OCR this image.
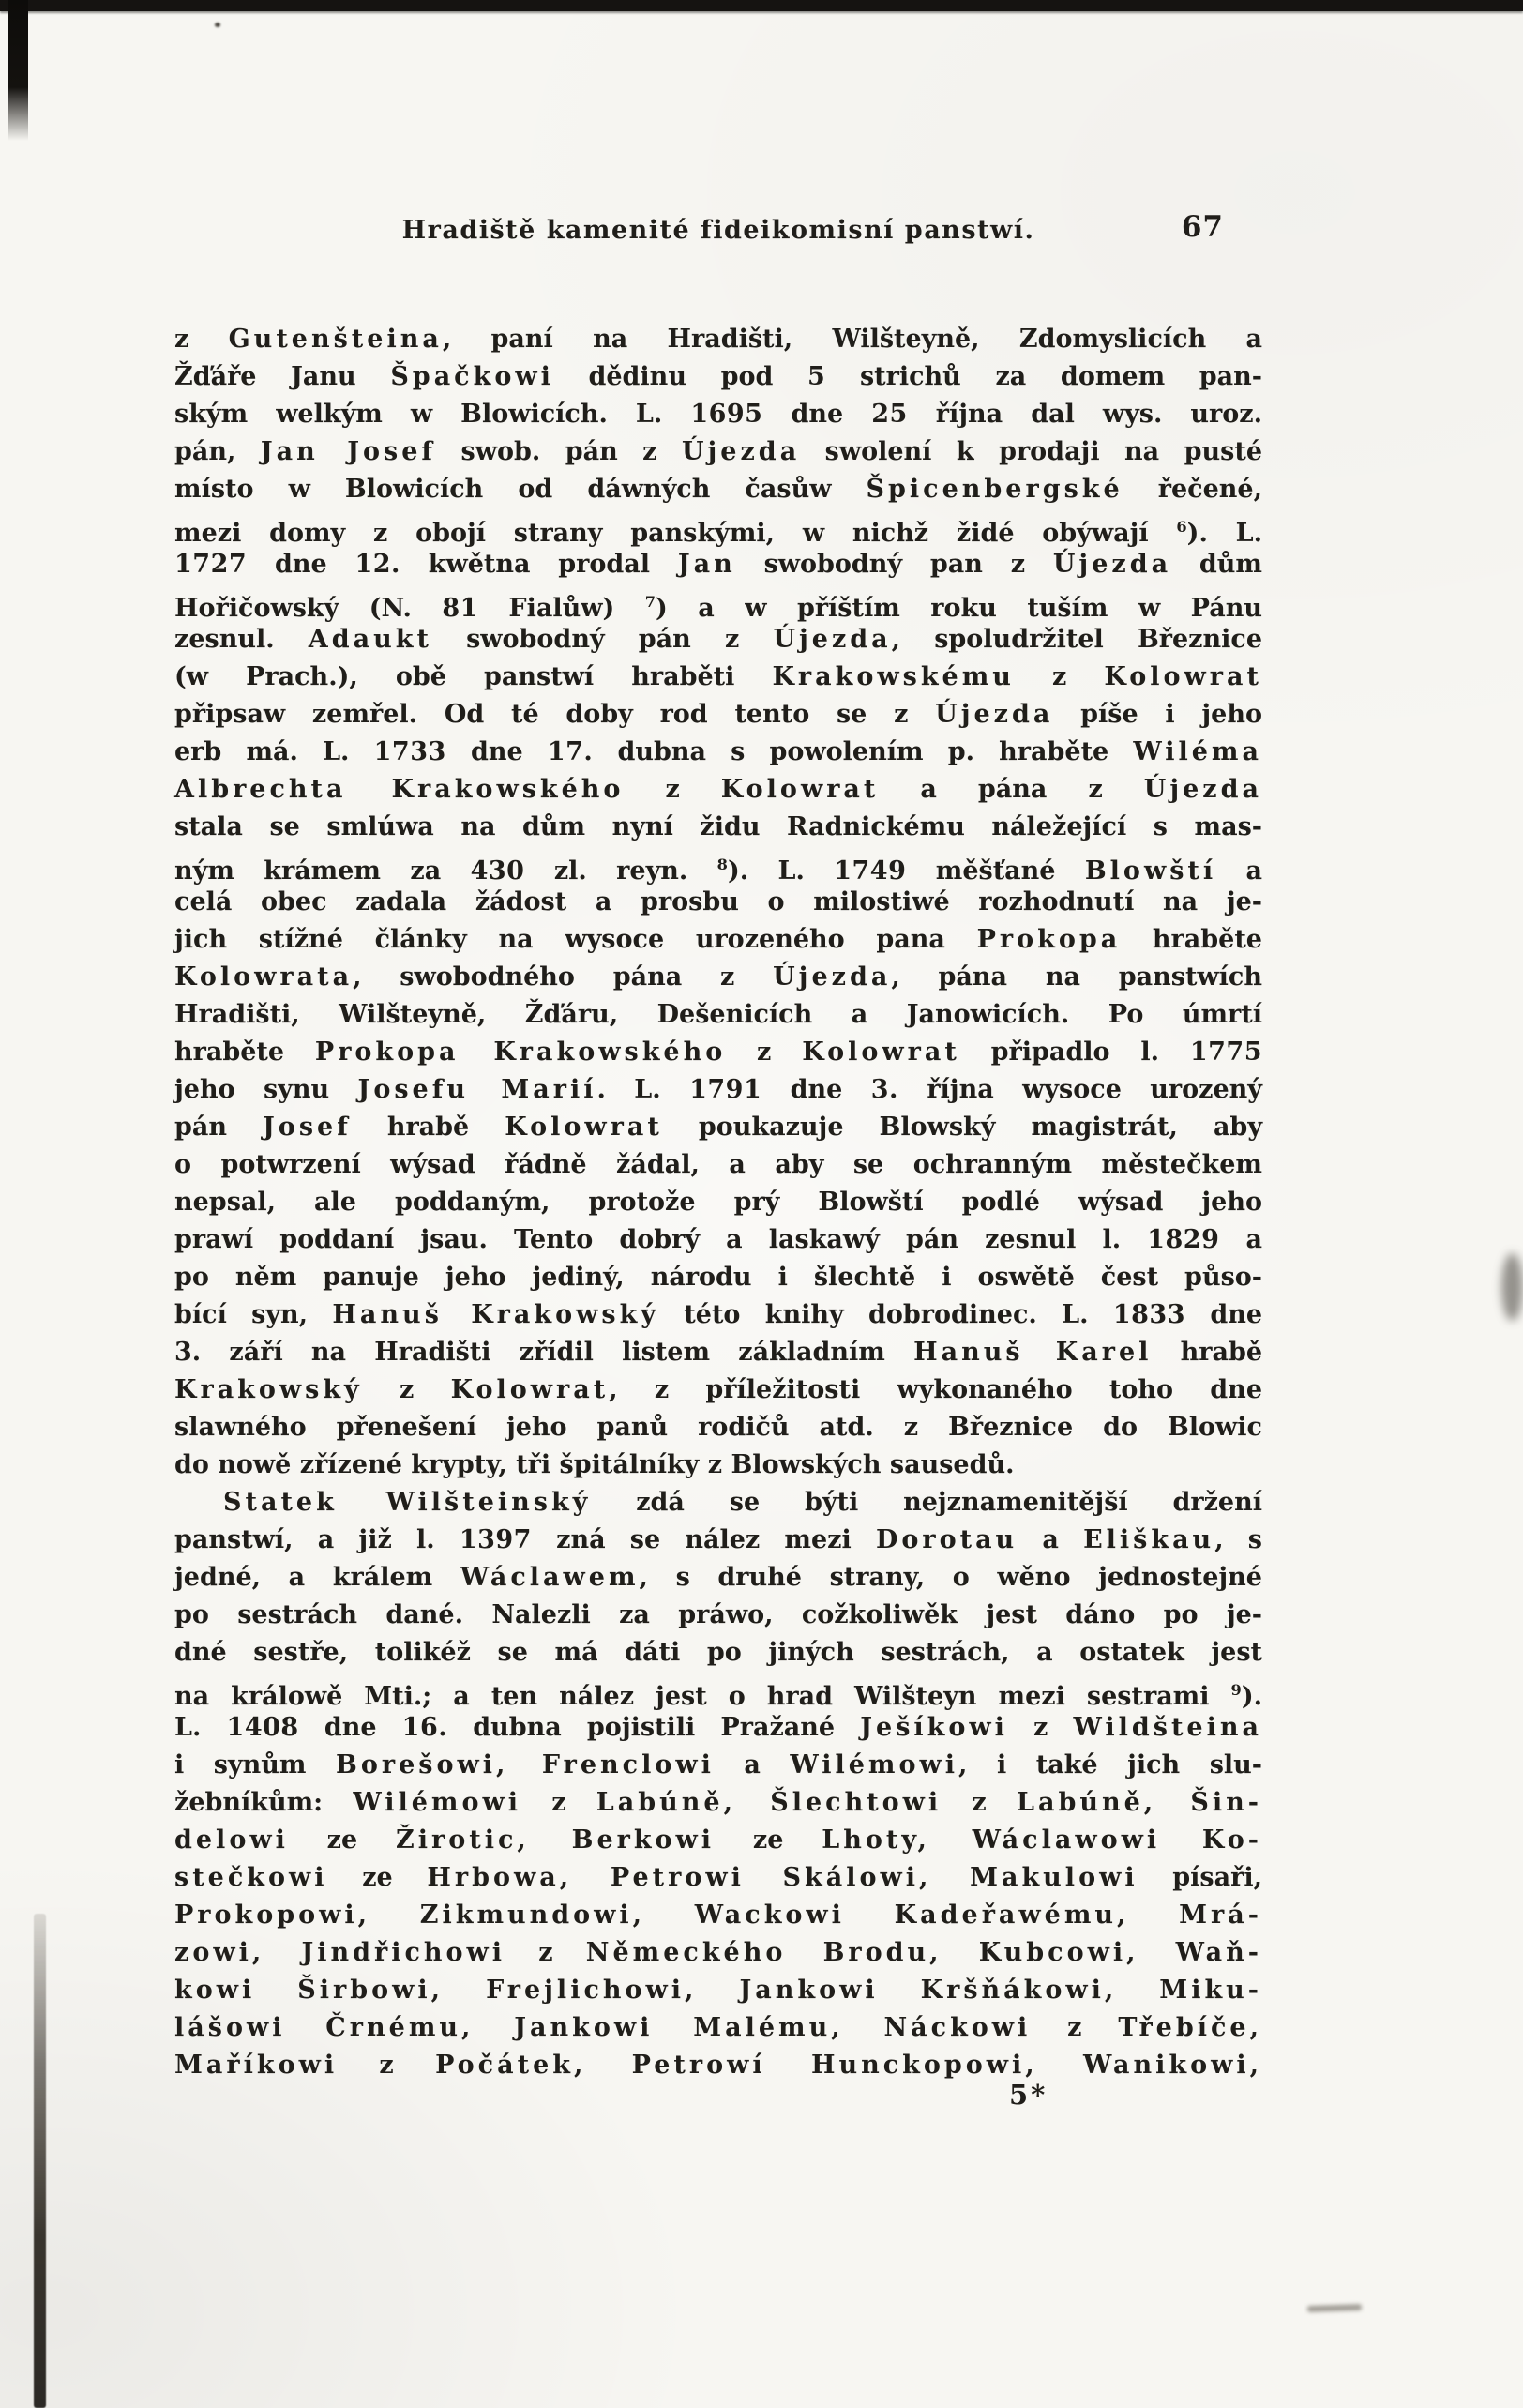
Hradiště kamenité fideikomisní panstwí.	67
z Gutenšteina, paní na Hradišti, Wilšteyně, Zdomyslicích a
Žďáře Janu Špačkowi dědinu pod 5 strichů za domem pan-
ským welkým w Blowicích. L. 1695 dne 25 října dal wys. uroz.
pán, Jan Josef swob. pán z Újezda swolení k prodaji na pusté
místo w Blowicích od dáwných časůw Špicenbergské řečené,
mezi domy z obojí strany panskými, w nichž židé obýwají $^6$). L.
1727 dne 12. kwětna prodal Jan swobodný pan z Újezda dům
Hořičowský (N. 81 Fialůw) $^7$) a w příštím roku tuším w Pánu
zesnul. Adaukt swobodný pán z Újezda, spoludržitel Březnice
(w Prach.), obě panstwí hraběti Krakowskému z Kolowrat
připsaw zemřel. Od té doby rod tento se z Újezda píše i jeho
erb má. L. 1733 dne 17. dubna s powolením p. hraběte Wiléma
Albrechta Krakowského z Kolowrat a pána z Újezda
stala se smlúwa na dům nyní židu Radnickému náležející s mas-
ným krámem za 430 zl. reyn. $^8$). L. 1749 měšťané Blowští a
celá obec zadala žádost a prosbu o milostiwé rozhodnutí na je-
jich stížné články na wysoce urozeného pana Prokopa hraběte
Kolowrata, swobodného pána z Újezda, pána na panstwích
Hradišti, Wilšteyně, Žďáru, Dešenicích a Janowicích. Po úmrtí
hraběte Prokopa Krakowského z Kolowrat připadlo l. 1775
jeho synu Josefu Marií. L. 1791 dne 3. října wysoce urozený
pán Josef hrabě Kolowrat poukazuje Blowský magistrát, aby
o potwrzení wýsad řádně žádal, a aby se ochranným městečkem
nepsal, ale poddaným, protože prý Blowští podlé wýsad jeho
prawí poddaní jsau. Tento dobrý a laskawý pán zesnul l. 1829 a
po něm panuje jeho jediný, národu i šlechtě i oswětě čest půso-
bící syn, Hanuš Krakowský této knihy dobrodinec. L. 1833 dne
3. září na Hradišti zřídil listem základním Hanuš Karel hrabě
Krakowský z Kolowrat, z příležitosti wykonaného toho dne
slawného přenešení jeho panů rodičů atd. z Březnice do Blowic
do nowě zřízené krypty, tři špitálníky z Blowských sausedů.
Statek Wilšteinský zdá se býti nejznamenitější držení
panstwí, a již l. 1397 zná se nález mezi Dorotau a Eliškau, s
jedné, a králem Wáclawem, s druhé strany, o wěno jednostejné
po sestrách dané. Nalezli za práwo, cožkoliwěk jest dáno po je-
dné sestře, tolikéž se má dáti po jiných sestrách, a ostatek jest
na králowě Mti.; a ten nález jest o hrad Wilšteyn mezi sestrami $^9$).
L. 1408 dne 16. dubna pojistili Pražané Ješíkowi z Wildšteina
i synům Borešowi, Frenclowi a Wilémowi, i také jich slu-
žebníkům: Wilémowi z Labúně, Šlechtowi z Labúně, Šin-
delowi ze Žirotic, Berkowi ze Lhoty, Wáclawowi Ko-
stečkowi ze Hrbowa, Petrowi Skálowi, Makulowi písaři,
Prokopowi, Zikmundowi, Wackowi Kadeřawému, Mrá-
zowi, Jindřichowi z Německého Brodu, Kubcowi, Waň-
kowi Širbowi, Frejlichowi, Jankowi Kršňákowi, Miku-
lášowi Črnému, Jankowi Malému, Náckowi z Třebíče,
Maříkowi z Počátek, Petrowí Hunckopowi, Wanikowi,
5*
